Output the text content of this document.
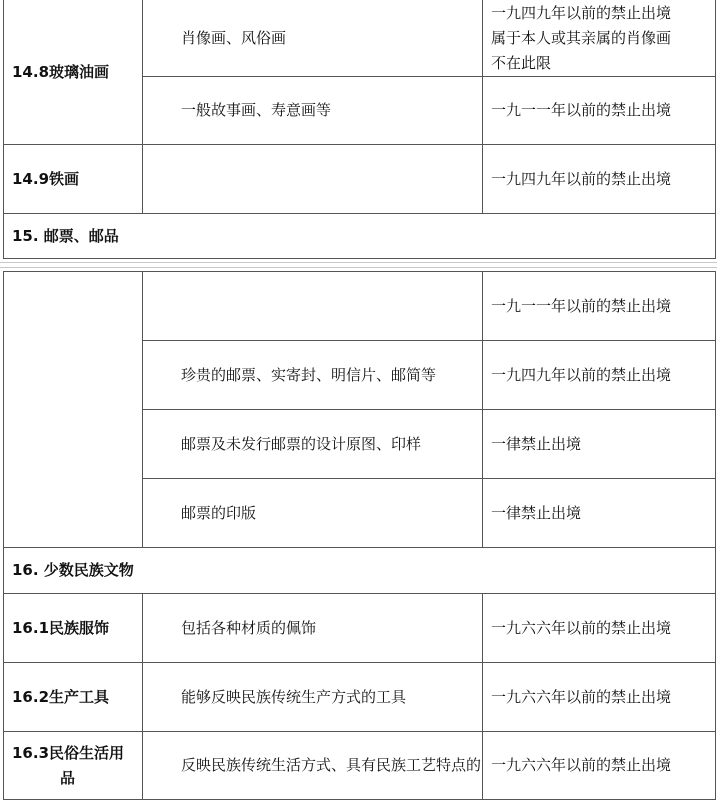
14.8玻璃油画	肖像画、风俗画	一九四九年以前的禁止出境
属于本人或其亲属的肖像画
不在此限

	一般故事画、寿意画等	一九一一年以前的禁止出境
14.9铁画		一九四九年以前的禁止出境
15. 邮票、邮品		
		一九一一年以前的禁止出境
	珍贵的邮票、实寄封、明信片、邮简等	一九四九年以前的禁止出境
	邮票及未发行邮票的设计原图、印样	一律禁止出境
	邮票的印版	一律禁止出境
16. 少数民族文物		
16.1民族服饰	包括各种材质的佩饰	一九六六年以前的禁止出境
16.2生产工具	能够反映民族传统生产方式的工具	一九六六年以前的禁止出境

16.3民俗生活用
品	反映民族传统生活方式、具有民族工艺特点的	一九六六年以前的禁止出境
